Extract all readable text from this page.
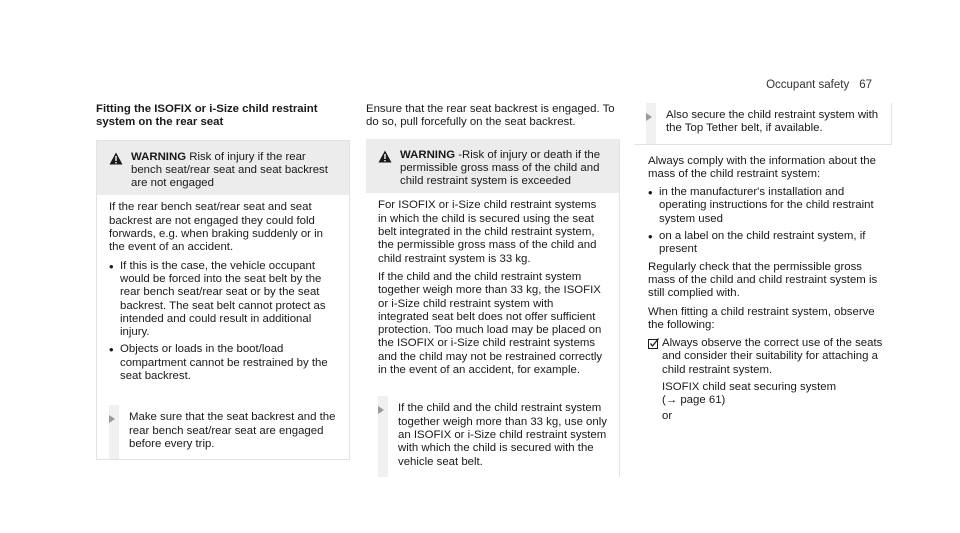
Occupant safety 67

Fitting the ISOFIX or i-Size child restraint system on the rear seat

WARNING Risk of injury if the rear bench seat/rear seat and seat backrest are not engaged

If the rear bench seat/rear seat and seat backrest are not engaged they could fold forwards, e.g. when braking suddenly or in the event of an accident.

• If this is the case, the vehicle occupant would be forced into the seat belt by the rear bench seat/rear seat or by the seat backrest. The seat belt cannot protect as intended and could result in additional injury.
• Objects or loads in the boot/load compartment cannot be restrained by the seat backrest.
Make sure that the seat backrest and the rear bench seat/rear seat are engaged before every trip.

Ensure that the rear seat backrest is engaged. To do so, pull forcefully on the seat backrest.

WARNING -Risk of injury or death if the permissible gross mass of the child and child restraint system is exceeded

For ISOFIX or i-Size child restraint systems in which the child is secured using the seat belt integrated in the child restraint system, the permissible gross mass of the child and child restraint system is 33 kg.

If the child and the child restraint system together weigh more than 33 kg, the ISOFIX or i-Size child restraint system with integrated seat belt does not offer sufficient protection. Too much load may be placed on the ISOFIX or i-Size child restraint systems and the child may not be restrained correctly in the event of an accident, for example.

If the child and the child restraint system together weigh more than 33 kg, use only an ISOFIX or i-Size child restraint system with which the child is secured with the vehicle seat belt.
Also secure the child restraint system with the Top Tether belt, if available.

Always comply with the information about the mass of the child restraint system:

• in the manufacturer's installation and operating instructions for the child restraint system used
• on a label on the child restraint system, if present

Regularly check that the permissible gross mass of the child and child restraint system is still complied with.

When fitting a child restraint system, observe the following:

Always observe the correct use of the seats and consider their suitability for attaching a child restraint system.
ISOFIX child seat securing system
(→ page 61)
or
